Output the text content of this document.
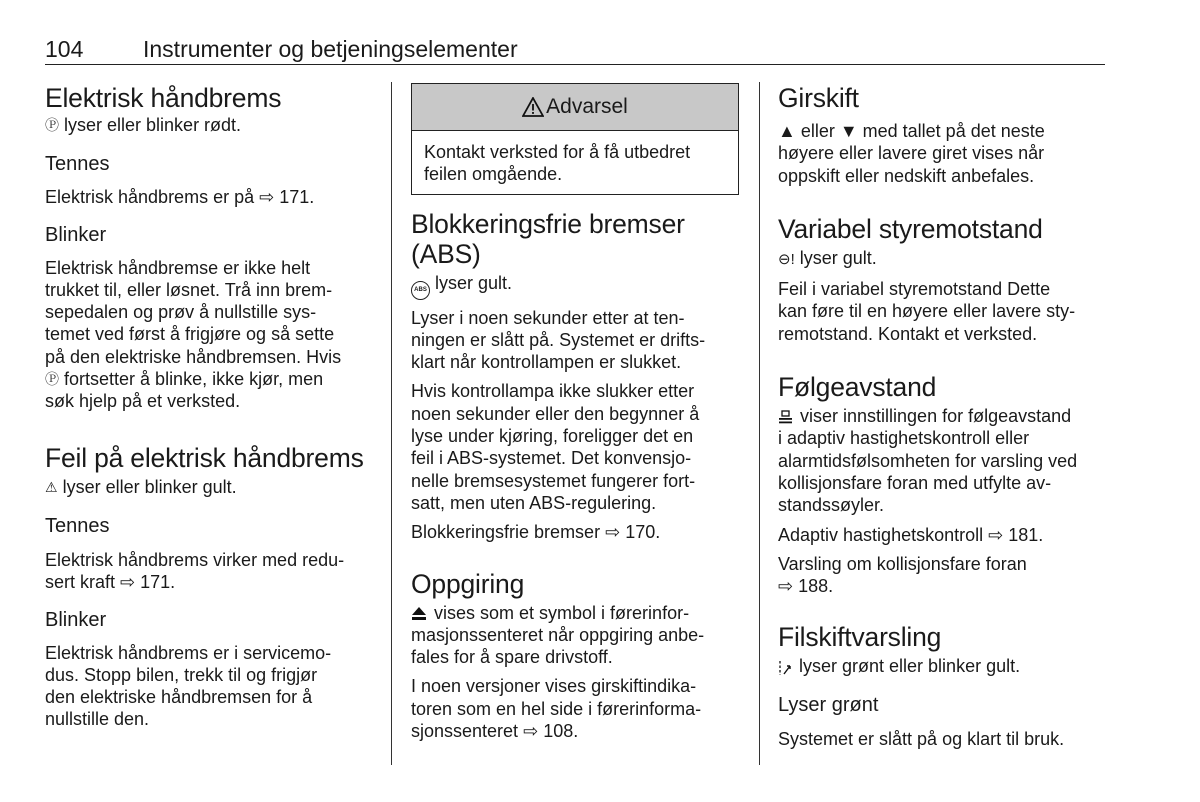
104	Instrumenter og betjeningselementer
Elektrisk håndbrems

Ⓟ lyser eller blinker rødt.

Tennes

Elektrisk håndbrems er på ⇨ 171.

Blinker

Elektrisk håndbremse er ikke helt
trukket til, eller løsnet. Trå inn brem-
sepedalen og prøv å nullstille sys-
temet ved først å frigjøre og så sette
på den elektriske håndbremsen. Hvis
Ⓟ fortsetter å blinke, ikke kjør, men
søk hjelp på et verksted.

Feil på elektrisk håndbrems

⚠ lyser eller blinker gult.

Tennes

Elektrisk håndbrems virker med redu-
sert kraft ⇨ 171.

Blinker

Elektrisk håndbrems er i servicemo-
dus. Stopp bilen, trekk til og frigjør
den elektriske håndbremsen for å
nullstille den.

Advarsel
Kontakt verksted for å få utbedret
feilen omgående.
Blokkeringsfrie bremser
(ABS)

ABS lyser gult.

Lyser i noen sekunder etter at ten-
ningen er slått på. Systemet er drifts-
klart når kontrollampen er slukket.

Hvis kontrollampa ikke slukker etter
noen sekunder eller den begynner å
lyse under kjøring, foreligger det en
feil i ABS-systemet. Det konvensjo-
nelle bremsesystemet fungerer fort-
satt, men uten ABS-regulering.

Blokkeringsfrie bremser ⇨ 170.

Oppgiring

vises som et symbol i førerinfor-
masjonssenteret når oppgiring anbe-
fales for å spare drivstoff.

I noen versjoner vises girskiftindika-
toren som en hel side i førerinforma-
sjonssenteret ⇨ 108.

Girskift

▲ eller ▼ med tallet på det neste
høyere eller lavere giret vises når
oppskift eller nedskift anbefales.

Variabel styremotstand

⊖! lyser gult.

Feil i variabel styremotstand Dette
kan føre til en høyere eller lavere sty-
remotstand. Kontakt et verksted.

Følgeavstand

viser innstillingen for følgeavstand
i adaptiv hastighetskontroll eller
alarmtidsfølsomheten for varsling ved
kollisjonsfare foran med utfylte av-
standssøyler.

Adaptiv hastighetskontroll ⇨ 181.

Varsling om kollisjonsfare foran
⇨ 188.

Filskiftvarsling

lyser grønt eller blinker gult.

Lyser grønt

Systemet er slått på og klart til bruk.
